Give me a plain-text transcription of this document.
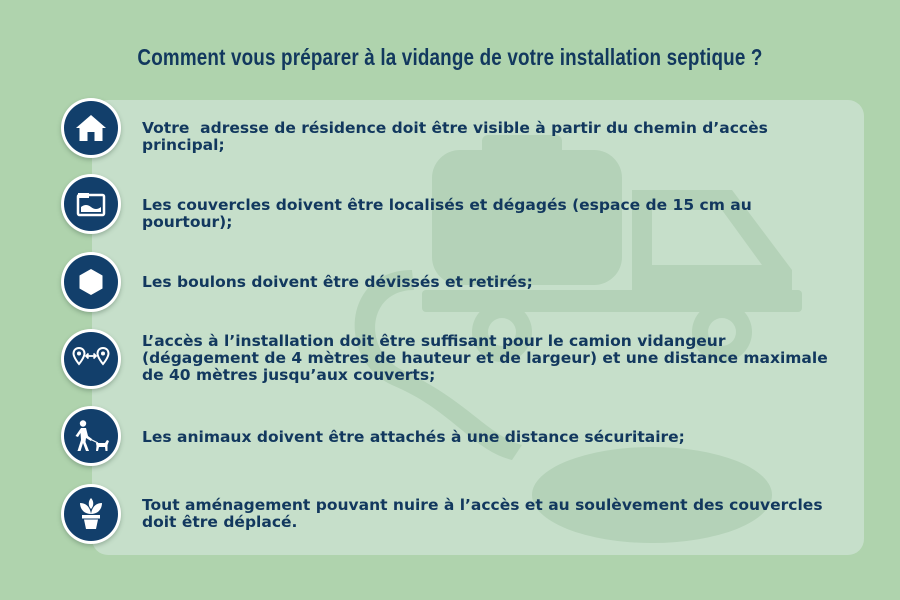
Comment vous préparer à la vidange de votre installation septique ?
Votre  adresse de résidence doit être visible à partir du chemin d’accès principal;
Les couvercles doivent être localisés et dégagés (espace de 15 cm au pourtour);
Les boulons doivent être dévissés et retirés;
L’accès à l’installation doit être suffisant pour le camion vidangeur (dégagement de 4 mètres de hauteur et de largeur) et une distance maximale de 40 mètres jusqu’aux couverts;
Les animaux doivent être attachés à une distance sécuritaire;
Tout aménagement pouvant nuire à l’accès et au soulèvement des couvercles doit être déplacé.
